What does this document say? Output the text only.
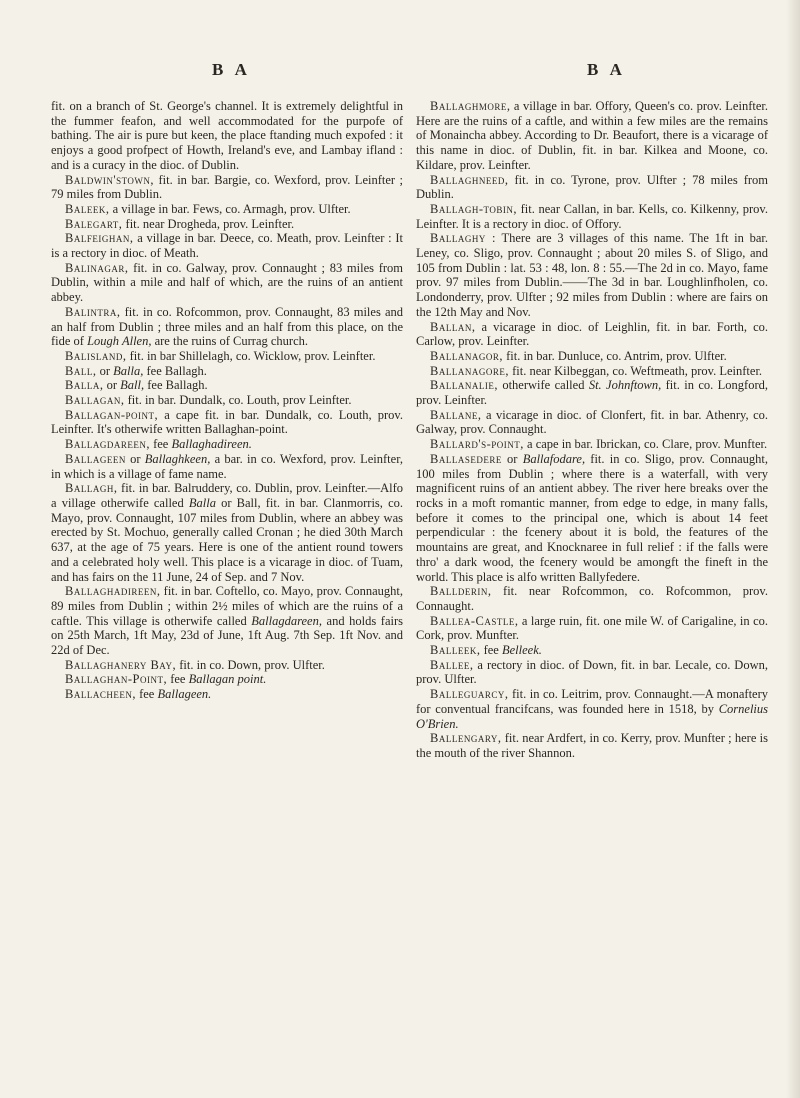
B A	B A

fit. on a branch of St. George's channel. It is extremely delightful in the fummer feafon, and well accommodated for the purpofe of bathing. The air is pure but keen, the place ftanding much expofed : it enjoys a good profpect of Howth, Ireland's eve, and Lambay ifland : and is a curacy in the dioc. of Dublin.

Baldwin'stown, fit. in bar. Bargie, co. Wexford, prov. Leinfter ; 79 miles from Dublin.

Baleek, a village in bar. Fews, co. Armagh, prov. Ulfter.

Balegart, fit. near Drogheda, prov. Leinfter.

Balfeighan, a village in bar. Deece, co. Meath, prov. Leinfter : It is a rectory in dioc. of Meath.

Balinagar, fit. in co. Galway, prov. Connaught ; 83 miles from Dublin, within a mile and half of which, are the ruins of an antient abbey.

Balintra, fit. in co. Rofcommon, prov. Connaught, 83 miles and an half from Dublin ; three miles and an half from this place, on the fide of Lough Allen, are the ruins of Currag church.

Balisland, fit. in bar Shillelagh, co. Wicklow, prov. Leinfter.

Ball, or Balla, fee Ballagh.

Balla, or Ball, fee Ballagh.

Ballagan, fit. in bar. Dundalk, co. Louth, prov Leinfter.

Ballagan-point, a cape fit. in bar. Dundalk, co. Louth, prov. Leinfter. It's otherwife written Ballaghan-point.

Ballagdareen, fee Ballaghadireen.

Ballageen or Ballaghkeen, a bar. in co. Wexford, prov. Leinfter, in which is a village of fame name.

Ballagh, fit. in bar. Balruddery, co. Dublin, prov. Leinfter.—Alfo a village otherwife called Balla or Ball, fit. in bar. Clanmorris, co. Mayo, prov. Connaught, 107 miles from Dublin, where an abbey was erected by St. Mochuo, generally called Cronan ; he died 30th March 637, at the age of 75 years. Here is one of the antient round towers and a celebrated holy well. This place is a vicarage in dioc. of Tuam, and has fairs on the 11 June, 24 of Sep. and 7 Nov.

Ballaghadireen, fit. in bar. Coftello, co. Mayo, prov. Connaught, 89 miles from Dublin ; within 2½ miles of which are the ruins of a caftle. This village is otherwife called Ballagdareen, and holds fairs on 25th March, 1ft May, 23d of June, 1ft Aug. 7th Sep. 1ft Nov. and 22d of Dec.

Ballaghanery Bay, fit. in co. Down, prov. Ulfter.

Ballaghan-Point, fee Ballagan point.

Ballacheen, fee Ballageen.

Ballaghmore, a village in bar. Offory, Queen's co. prov. Leinfter. Here are the ruins of a caftle, and within a few miles are the remains of Monaincha abbey. According to Dr. Beaufort, there is a vicarage of this name in dioc. of Dublin, fit. in bar. Kilkea and Moone, co. Kildare, prov. Leinfter.

Ballaghneed, fit. in co. Tyrone, prov. Ulfter ; 78 miles from Dublin.

Ballagh-tobin, fit. near Callan, in bar. Kells, co. Kilkenny, prov. Leinfter. It is a rectory in dioc. of Offory.

Ballaghy : There are 3 villages of this name. The 1ft in bar. Leney, co. Sligo, prov. Connaught ; about 20 miles S. of Sligo, and 105 from Dublin : lat. 53 : 48, lon. 8 : 55.—The 2d in co. Mayo, fame prov. 97 miles from Dublin.——The 3d in bar. Loughlinfholen, co. Londonderry, prov. Ulfter ; 92 miles from Dublin : where are fairs on the 12th May and Nov.

Ballan, a vicarage in dioc. of Leighlin, fit. in bar. Forth, co. Carlow, prov. Leinfter.

Ballanagor, fit. in bar. Dunluce, co. Antrim, prov. Ulfter.

Ballanagore, fit. near Kilbeggan, co. Weftmeath, prov. Leinfter.

Ballanalie, otherwife called St. Johnftown, fit. in co. Longford, prov. Leinfter.

Ballane, a vicarage in dioc. of Clonfert, fit. in bar. Athenry, co. Galway, prov. Connaught.

Ballard's-point, a cape in bar. Ibrickan, co. Clare, prov. Munfter.

Ballasedere or Ballafodare, fit. in co. Sligo, prov. Connaught, 100 miles from Dublin ; where there is a waterfall, with very magnificent ruins of an antient abbey. The river here breaks over the rocks in a moft romantic manner, from edge to edge, in many falls, before it comes to the principal one, which is about 14 feet perpendicular : the fcenery about it is bold, the features of the mountains are great, and Knocknaree in full relief : if the falls were thro' a dark wood, the fcenery would be amongft the fineft in the world. This place is alfo written Ballyfedere.

Ballderin, fit. near Rofcommon, co. Rofcommon, prov. Connaught.

Ballea-Castle, a large ruin, fit. one mile W. of Carigaline, in co. Cork, prov. Munfter.

Balleek, fee Belleek.

Ballee, a rectory in dioc. of Down, fit. in bar. Lecale, co. Down, prov. Ulfter.

Balleguarcy, fit. in co. Leitrim, prov. Connaught.—A monaftery for conventual francifcans, was founded here in 1518, by Cornelius O'Brien.

Ballengary, fit. near Ardfert, in co. Kerry, prov. Munfter ; here is the mouth of the river Shannon.
